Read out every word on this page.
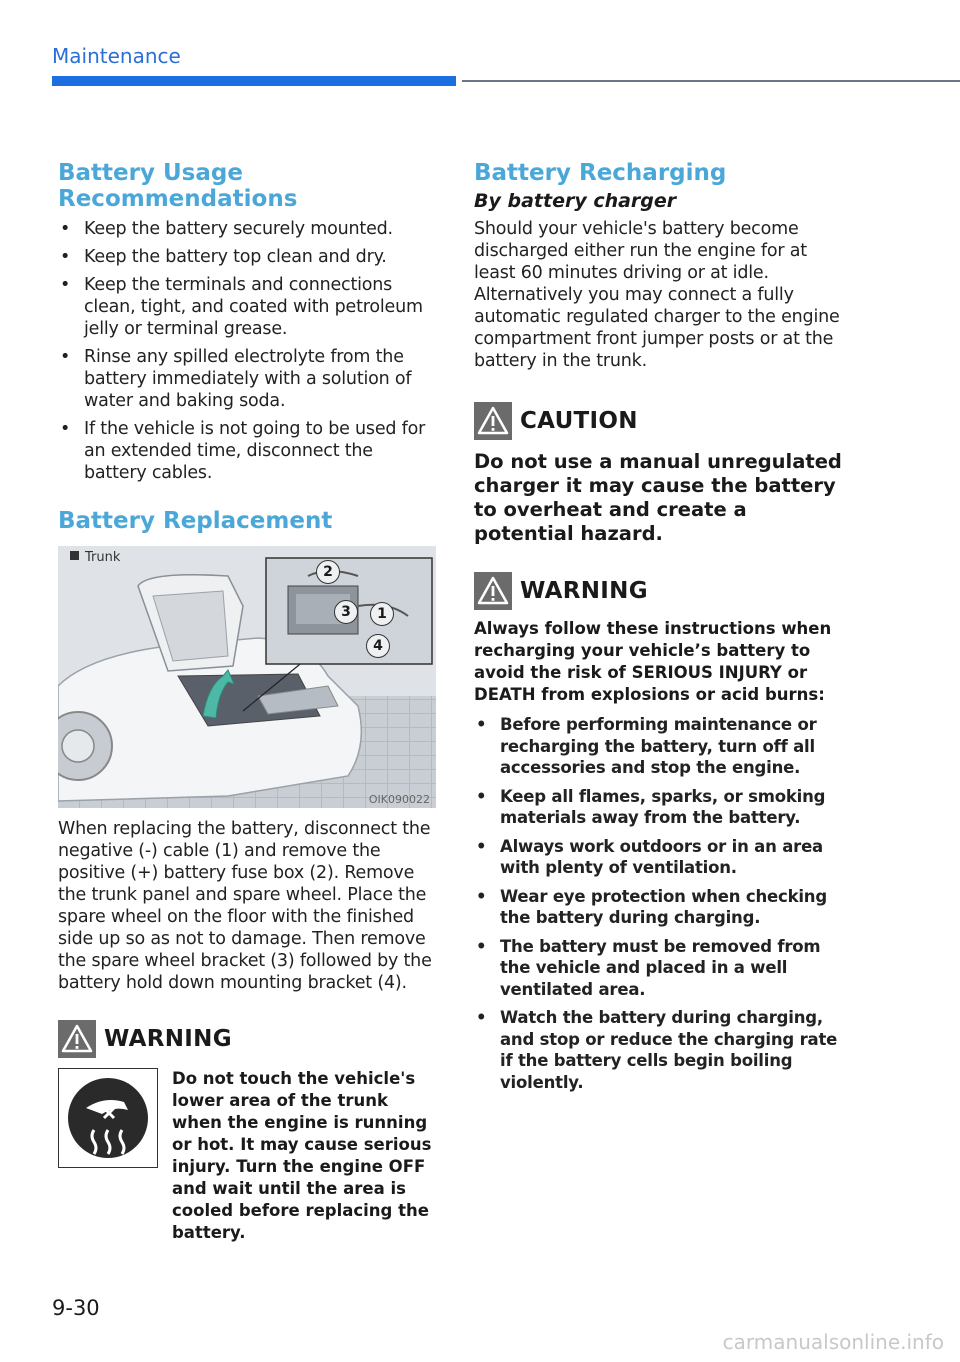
Maintenance
Battery Usage Recommendations
• Keep the battery securely mounted.
• Keep the battery top clean and dry.
• Keep the terminals and connections clean, tight, and coated with petroleum jelly or terminal grease.
• Rinse any spilled electrolyte from the battery immediately with a solution of water and baking soda.
• If the vehicle is not going to be used for an extended time, disconnect the battery cables.
Battery Replacement
2
3	1
4
Trunk
OIK090022

When replacing the battery, disconnect the negative (-) cable (1) and remove the positive (+) battery fuse box (2). Remove the trunk panel and spare wheel. Place the spare wheel on the floor with the finished side up so as not to damage. Then remove the spare wheel bracket (3) followed by the battery hold down mounting bracket (4).

WARNING
Do not touch the vehicle's lower area of the trunk when the engine is running or hot. It may cause serious injury. Turn the engine OFF and wait until the area is cooled before replacing the battery.
Battery Recharging
By battery charger

Should your vehicle's battery become discharged either run the engine for at least 60 minutes driving or at idle. Alternatively you may connect a fully automatic regulated charger to the engine compartment front jumper posts or at the battery in the trunk.

CAUTION
Do not use a manual unregulated charger it may cause the battery to overheat and create a potential hazard.
WARNING
Always follow these instructions when recharging your vehicle’s battery to avoid the risk of SERIOUS INJURY or DEATH from explosions or acid burns:
• Before performing maintenance or recharging the battery, turn off all accessories and stop the engine.
• Keep all flames, sparks, or smoking materials away from the battery.
• Always work outdoors or in an area with plenty of ventilation.
• Wear eye protection when checking the battery during charging.
• The battery must be removed from the vehicle and placed in a well ventilated area.
• Watch the battery during charging, and stop or reduce the charging rate if the battery cells begin boiling violently.
9-30
carmanualsonline.info
